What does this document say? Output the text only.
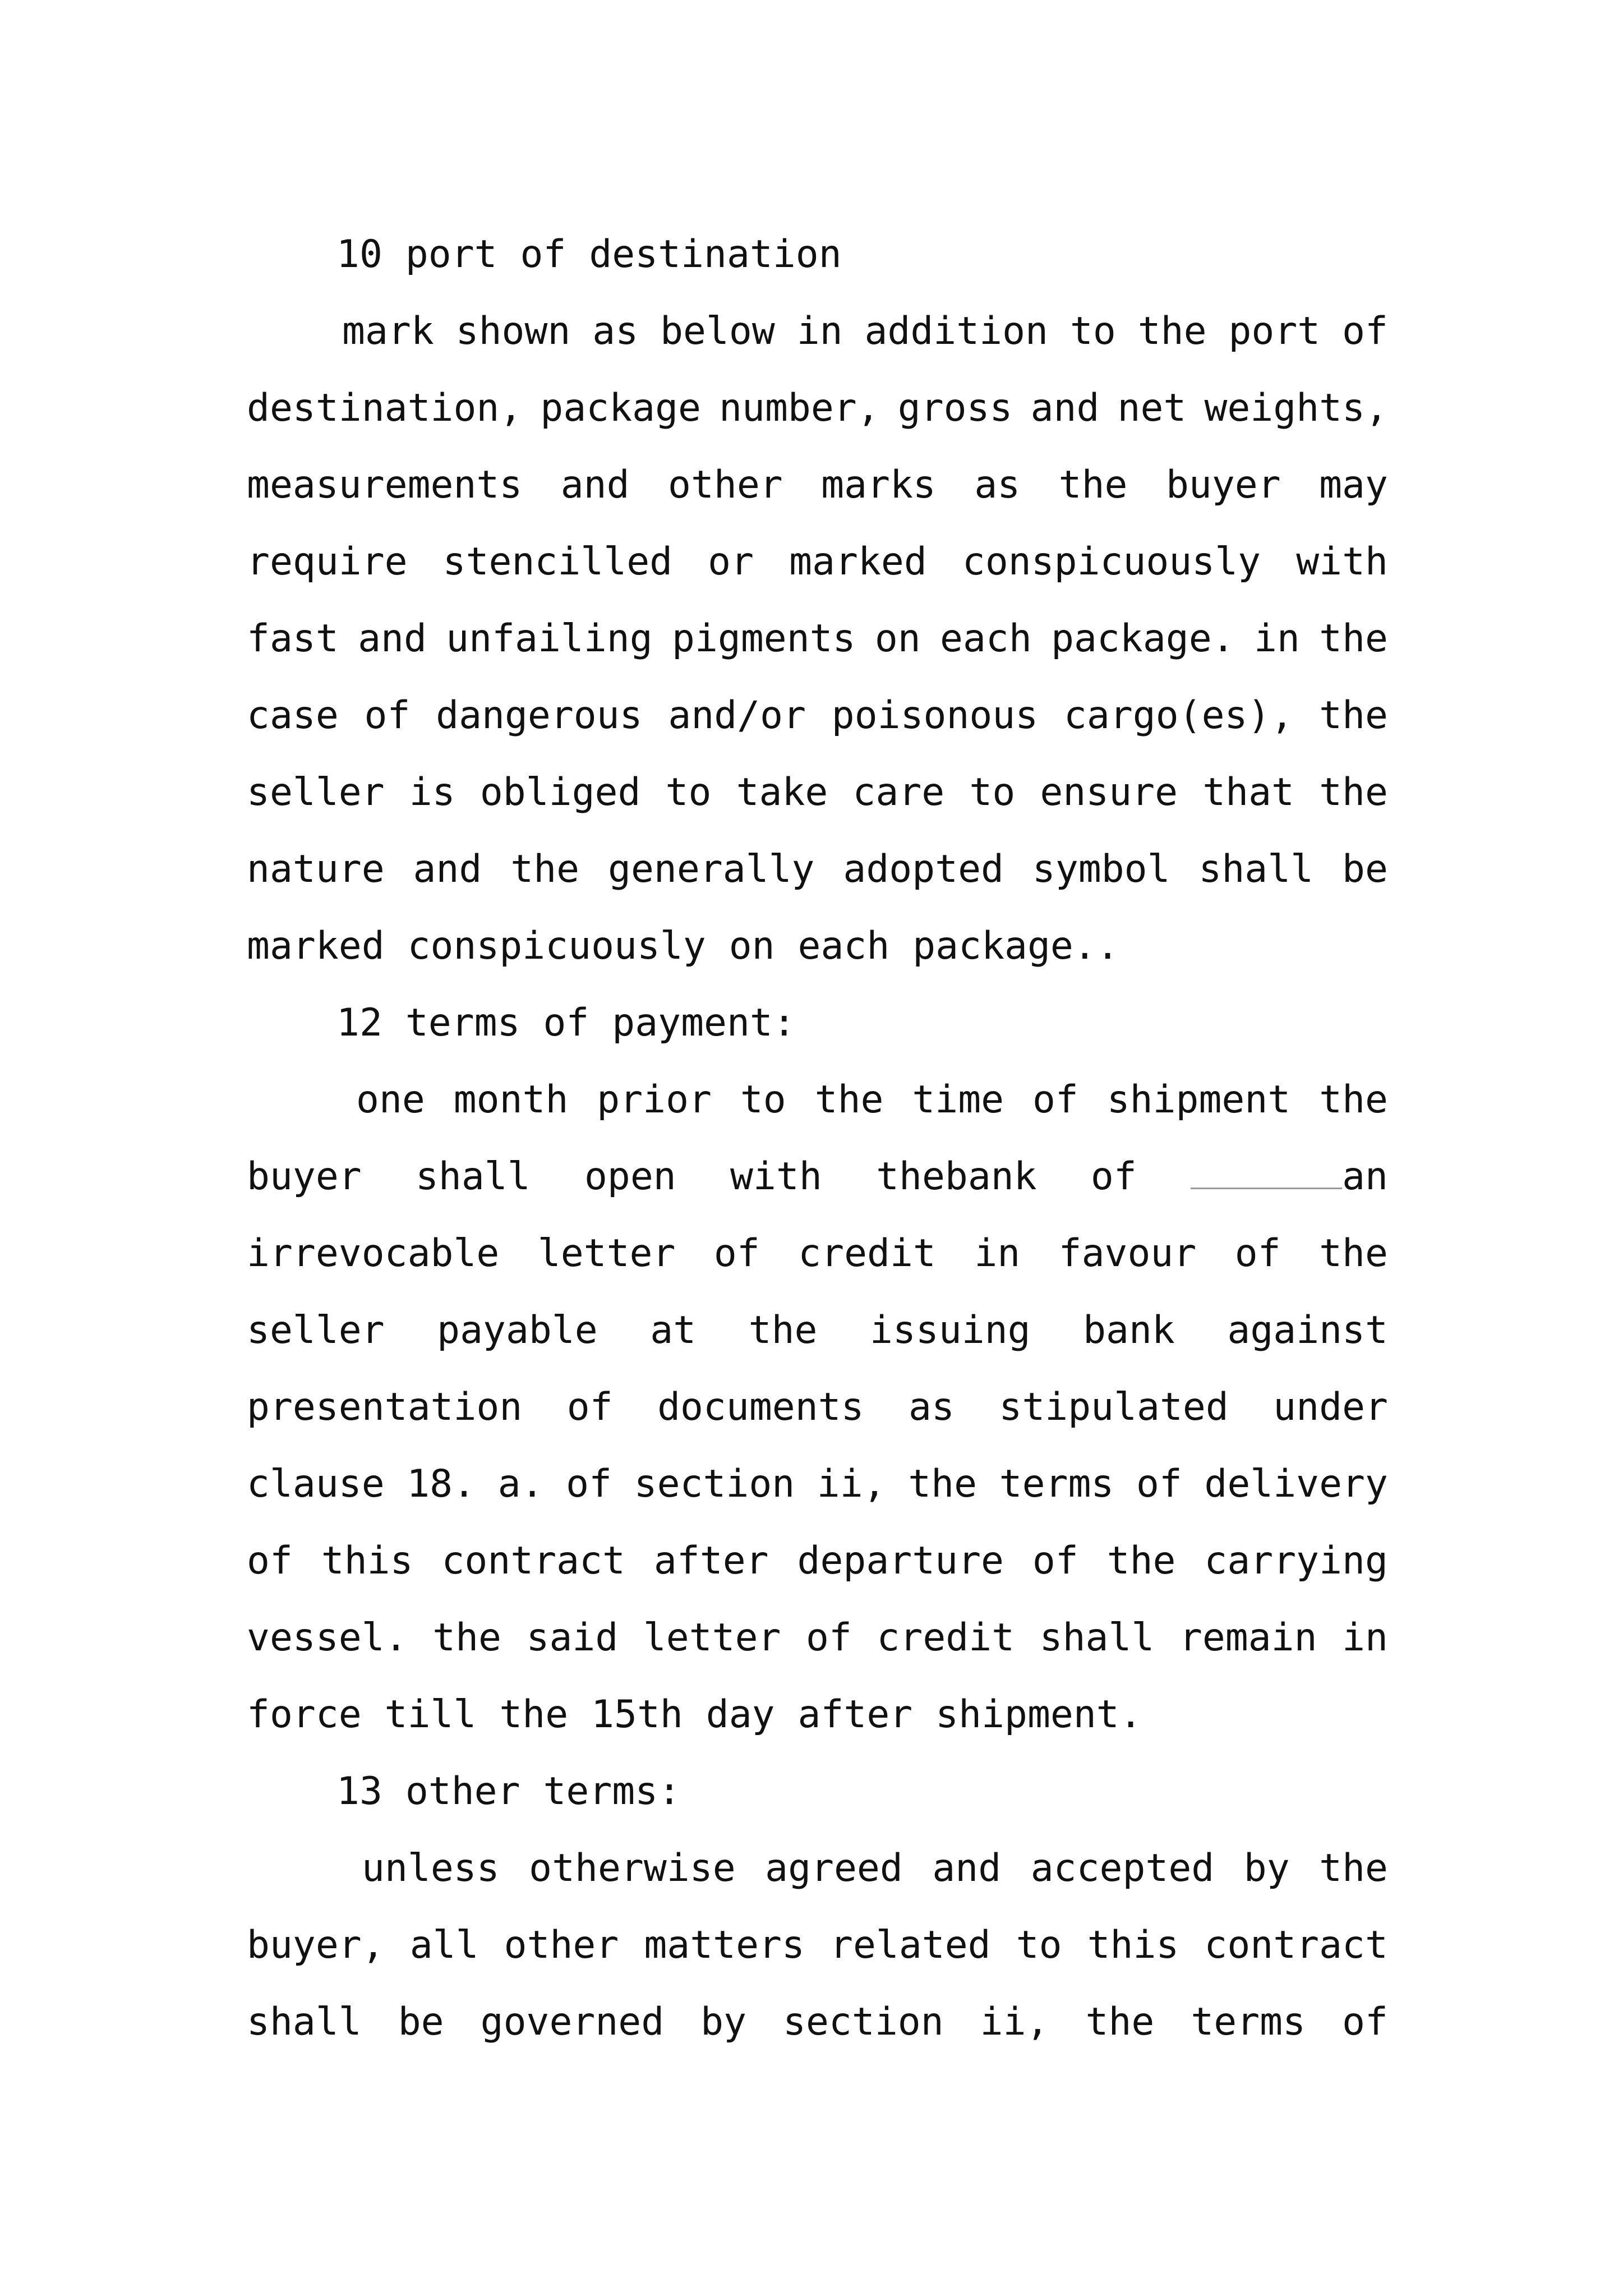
10 port of destination
mark shown as below in addition to the port of
destination, package number, gross and net weights,
measurements and other marks as the buyer may
require stencilled or marked conspicuously with
fast and unfailing pigments on each package. in the
case of dangerous and/or poisonous cargo(es), the
seller is obliged to take care to ensure that the
nature and the generally adopted symbol shall be
marked conspicuously on each package..
12 terms of payment:
one month prior to the time of shipment the
buyer shall open with thebank of	an
irrevocable letter of credit in favour of the
seller payable at the issuing bank against
presentation of documents as stipulated under
clause 18. a. of section ii, the terms of delivery
of this contract after departure of the carrying
vessel. the said letter of credit shall remain in
force till the 15th day after shipment.
13 other terms:
unless otherwise agreed and accepted by the
buyer, all other matters related to this contract
shall be governed by section ii, the terms of
